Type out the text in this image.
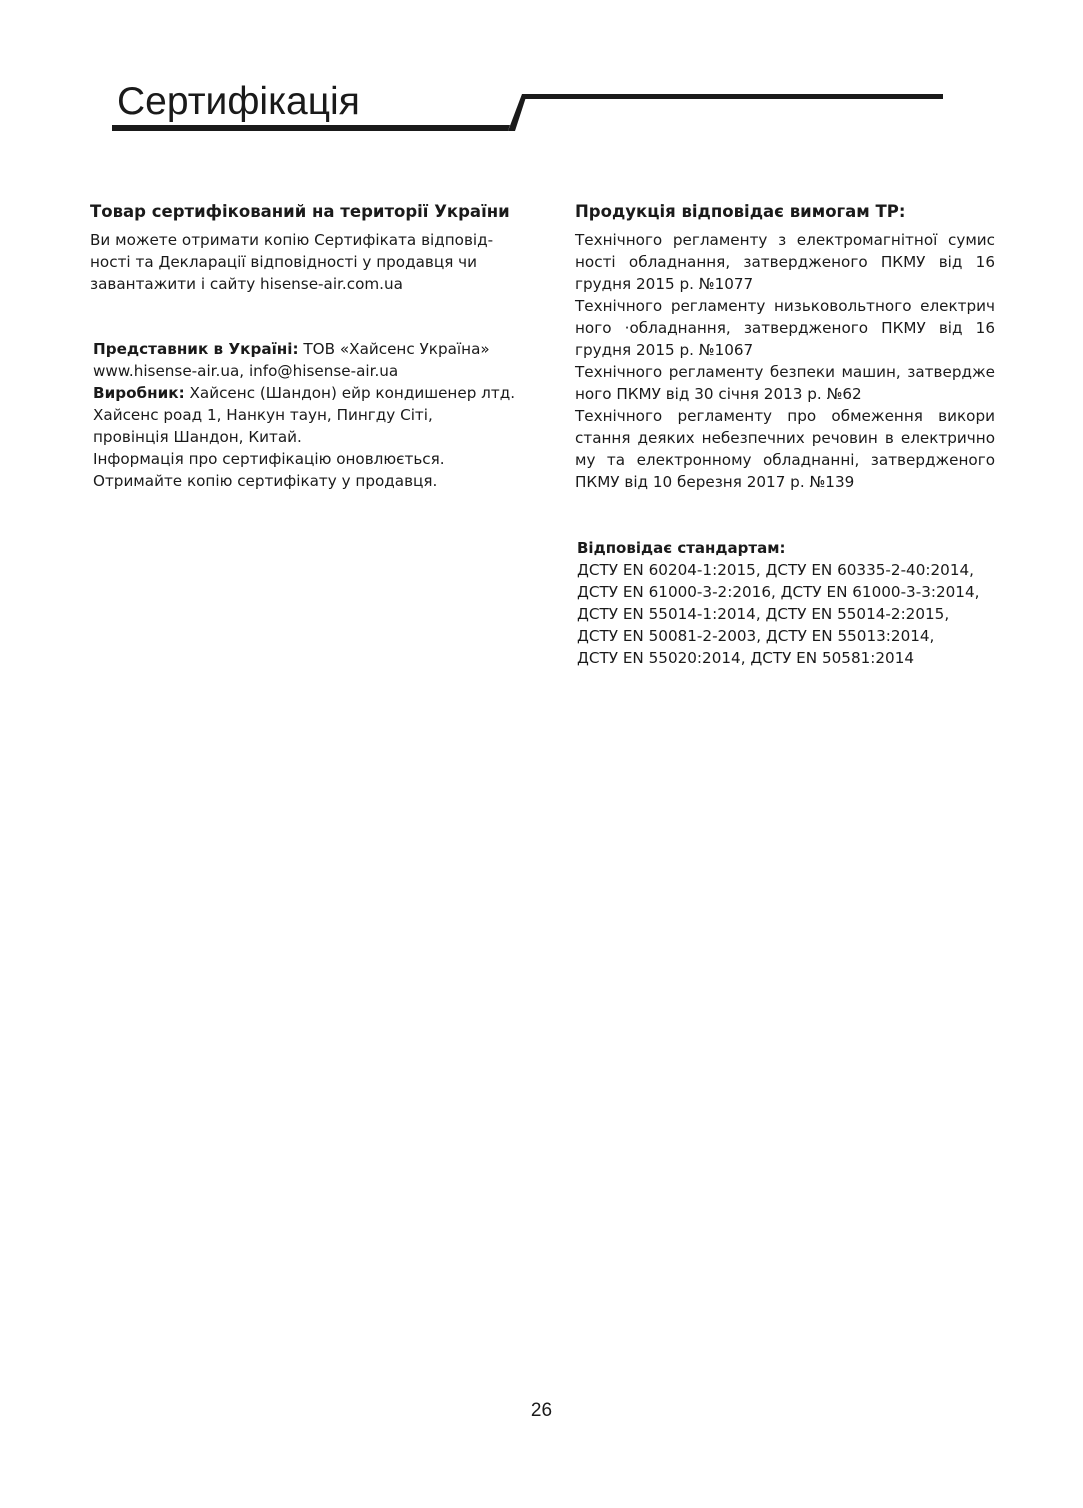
Сертифікація
Товар сертифікований на території України

Ви можете отримати копію Сертифіката відповід-

ності та Декларації відповідності у продавця чи

завантажити і сайту hisense-air.com.ua

Представник в Україні: ТОВ «Хайсенс Україна»

www.hisense-air.ua, info@hisense-air.ua

Виробник: Хайсенс (Шандон) ейр кондишенер лтд.

Хайсенс роад 1, Нанкун таун, Пингду Сіті,

провінція Шандон, Китай.

Інформація про сертифікацію оновлюється.

Отримайте копію сертифікату у продавця.

Продукція відповідає вимогам ТР:

Технічного регламенту з електромагнітної сумис

ності обладнання, затвердженого ПКМУ від 16

грудня 2015 р. №1077

Технічного регламенту низьковольтного електрич

ного ·обладнання, затвердженого ПКМУ від 16

грудня 2015 р. №1067

Технічного регламенту безпеки машин, затвердже

ного ПКМУ від 30 січня 2013 р. №62

Технічного регламенту про обмеження викори

стання деяких небезпечних речовин в електрично

му та електронному обладнанні, затвердженого

ПКМУ від 10 березня 2017 р. №139

Відповідає стандартам:

ДСТУ EN 60204-1:2015, ДСТУ EN 60335-2-40:2014,

ДСТУ EN 61000-3-2:2016, ДСТУ EN 61000-3-3:2014,

ДСТУ EN 55014-1:2014, ДСТУ EN 55014-2:2015,

ДСТУ EN 50081-2-2003, ДСТУ EN 55013:2014,

ДСТУ EN 55020:2014, ДСТУ EN 50581:2014

26
